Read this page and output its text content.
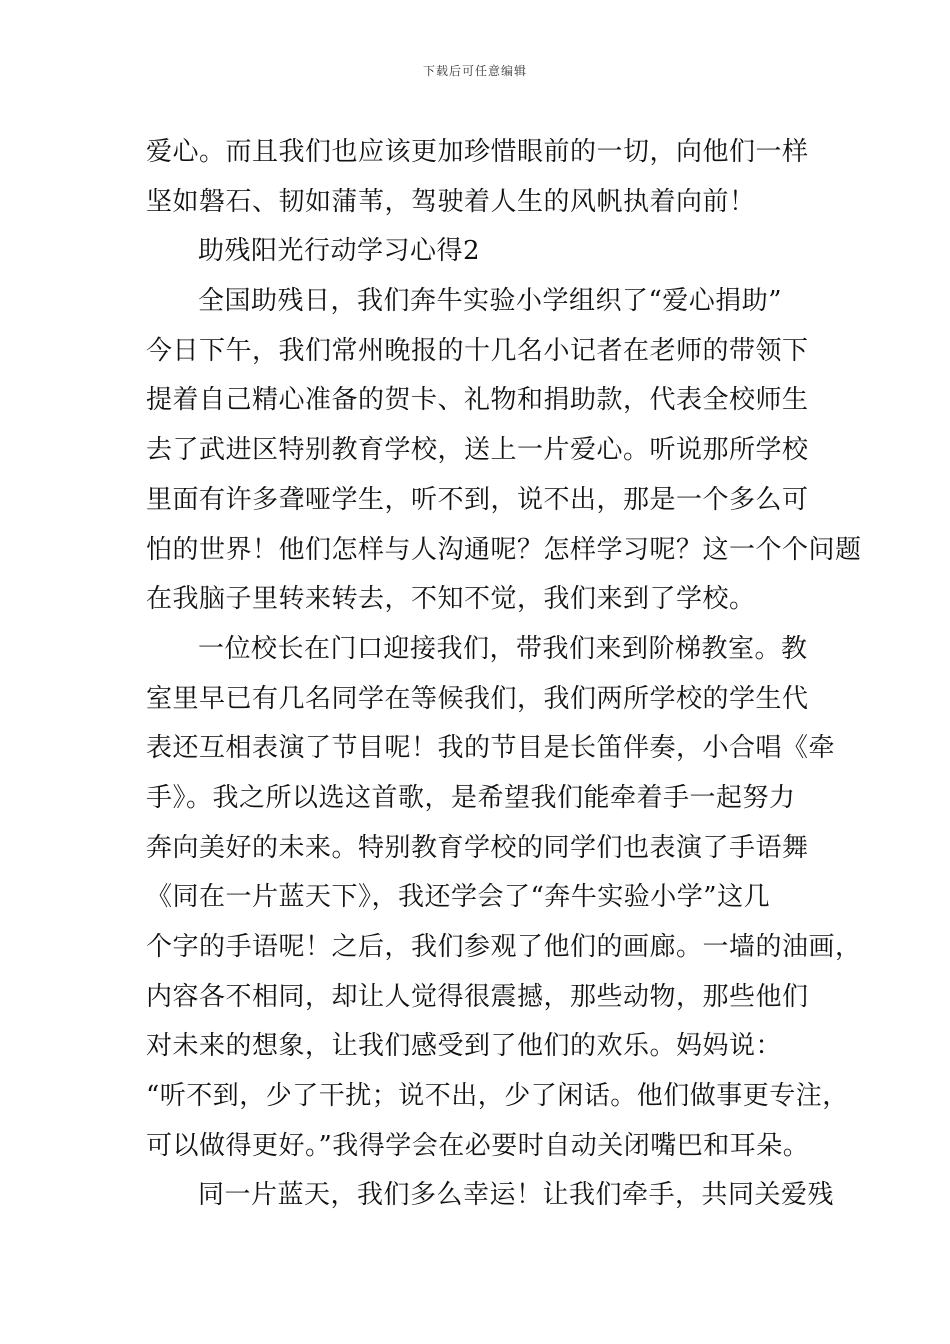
下载后可任意编辑
爱心。而且我们也应该更加珍惜眼前的一切，向他们一样
坚如磐石、韧如蒲苇，驾驶着人生的风帆执着向前！
助残阳光行动学习心得2
全国助残日，我们奔牛实验小学组织了“爱心捐助”
今日下午，我们常州晚报的十几名小记者在老师的带领下
提着自己精心准备的贺卡、礼物和捐助款，代表全校师生
去了武进区特别教育学校，送上一片爱心。听说那所学校
里面有许多聋哑学生，听不到，说不出，那是一个多么可
怕的世界！他们怎样与人沟通呢？怎样学习呢？这一个个问题
在我脑子里转来转去，不知不觉，我们来到了学校。
一位校长在门口迎接我们，带我们来到阶梯教室。教
室里早已有几名同学在等候我们，我们两所学校的学生代
表还互相表演了节目呢！我的节目是长笛伴奏，小合唱《牵
手》。我之所以选这首歌，是希望我们能牵着手一起努力
奔向美好的未来。特别教育学校的同学们也表演了手语舞
《同在一片蓝天下》，我还学会了“奔牛实验小学”这几
个字的手语呢！之后，我们参观了他们的画廊。一墙的油画，
内容各不相同，却让人觉得很震撼，那些动物，那些他们
对未来的想象，让我们感受到了他们的欢乐。妈妈说：
“听不到，少了干扰；说不出，少了闲话。他们做事更专注，
可以做得更好。”我得学会在必要时自动关闭嘴巴和耳朵。
同一片蓝天，我们多么幸运！让我们牵手，共同关爱残
